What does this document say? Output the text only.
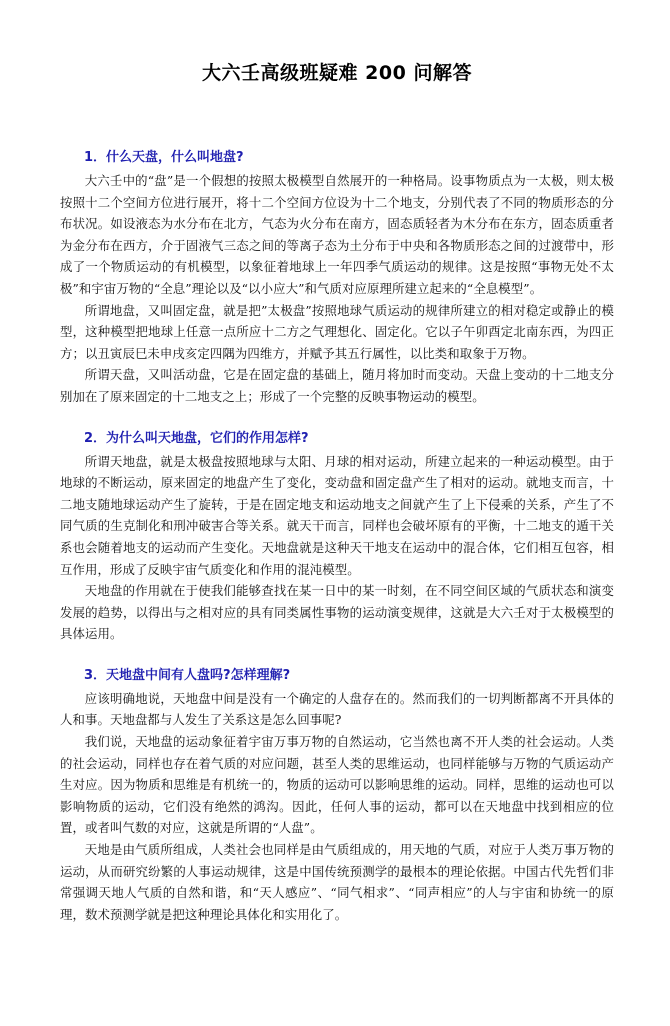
大六壬高级班疑难 200 问解答
1．什么天盘，什么叫地盘?

大六壬中的“盘”是一个假想的按照太极模型自然展开的一种格局。设事物质点为一太极，则太极按照十二个空间方位进行展开，将十二个空间方位设为十二个地支，分别代表了不同的物质形态的分布状况。如设液态为水分布在北方，气态为火分布在南方，固态质轻者为木分布在东方，固态质重者为金分布在西方，介于固液气三态之间的等离子态为土分布于中央和各物质形态之间的过渡带中，形成了一个物质运动的有机模型，以象征着地球上一年四季气质运动的规律。这是按照“事物无处不太极”和宇宙万物的“全息”理论以及“以小应大”和气质对应原理所建立起来的“全息模型”。

所谓地盘，又叫固定盘，就是把”太极盘”按照地球气质运动的规律所建立的相对稳定或静止的模型，这种模型把地球上任意一点所应十二方之气理想化、固定化。它以子午卯酉定北南东西，为四正方；以丑寅辰巳未申戌亥定四隅为四维方，并赋予其五行属性，以比类和取象于万物。

所谓天盘，又叫活动盘，它是在固定盘的基础上，随月将加时而变动。天盘上变动的十二地支分别加在了原来固定的十二地支之上；形成了一个完整的反映事物运动的模型。

2．为什么叫天地盘，它们的作用怎样?

所谓天地盘，就是太极盘按照地球与太阳、月球的相对运动，所建立起来的一种运动模型。由于地球的不断运动，原来固定的地盘产生了变化，变动盘和固定盘产生了相对的运动。就地支而言，十二地支随地球运动产生了旋转，于是在固定地支和运动地支之间就产生了上下侵乘的关系，产生了不同气质的生克制化和刑冲破害合等关系。就天干而言，同样也会破坏原有的平衡，十二地支的遁干关系也会随着地支的运动而产生变化。天地盘就是这种天干地支在运动中的混合体，它们相互包容，相互作用，形成了反映宇宙气质变化和作用的混沌模型。

天地盘的作用就在于使我们能够查找在某一日中的某一时刻，在不同空间区域的气质状态和演变发展的趋势，以得出与之相对应的具有同类属性事物的运动演变规律，这就是大六壬对于太极模型的具体运用。

3．天地盘中间有人盘吗?怎样理解?

应该明确地说，天地盘中间是没有一个确定的人盘存在的。然而我们的一切判断都离不开具体的人和事。天地盘都与人发生了关系这是怎么回事呢?

我们说，天地盘的运动象征着宇宙万事万物的自然运动，它当然也离不开人类的社会运动。人类的社会运动，同样也存在着气质的对应问题，甚至人类的思维运动，也同样能够与万物的气质运动产生对应。因为物质和思维是有机统一的，物质的运动可以影响思维的运动。同样，思维的运动也可以影响物质的运动，它们没有绝然的鸿沟。因此，任何人事的运动，都可以在天地盘中找到相应的位置，或者叫气数的对应，这就是所谓的“人盘”。

天地是由气质所组成，人类社会也同样是由气质组成的，用天地的气质，对应于人类万事万物的运动，从而研究纷繁的人事运动规律，这是中国传统预测学的最根本的理论依据。中国古代先哲们非常强调天地人气质的自然和谐，和“天人感应”、“同气相求”、“同声相应”的人与宇宙和协统一的原理，数术预测学就是把这种理论具体化和实用化了。
